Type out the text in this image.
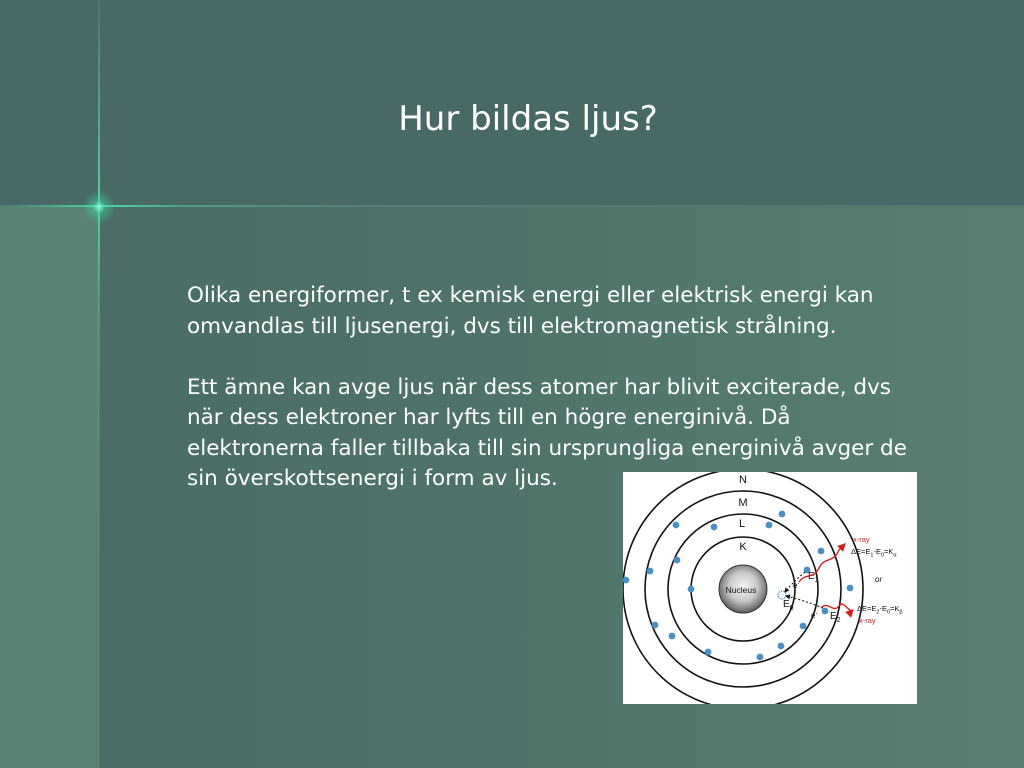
Hur bildas ljus?

Olika energiformer, t ex kemisk energi eller elektrisk energi kan omvandlas till ljusenergi, dvs till elektromagnetisk strålning.

Ett ämne kan avge ljus när dess atomer har blivit exciterade, dvs när dess elektroner har lyfts till en högre energinivå. Då elektronerna faller tillbaka till sin ursprungliga energinivå avger de sin överskottsenergi i form av ljus.

Nucleus
N
M
L
K
e-
e-
$E_1$
$E_0$
$E_2$
x-ray
x-ray
$\Delta E=E_1-E_0=K_\alpha$
or
$\Delta E=E_2-E_0=K_\beta$
